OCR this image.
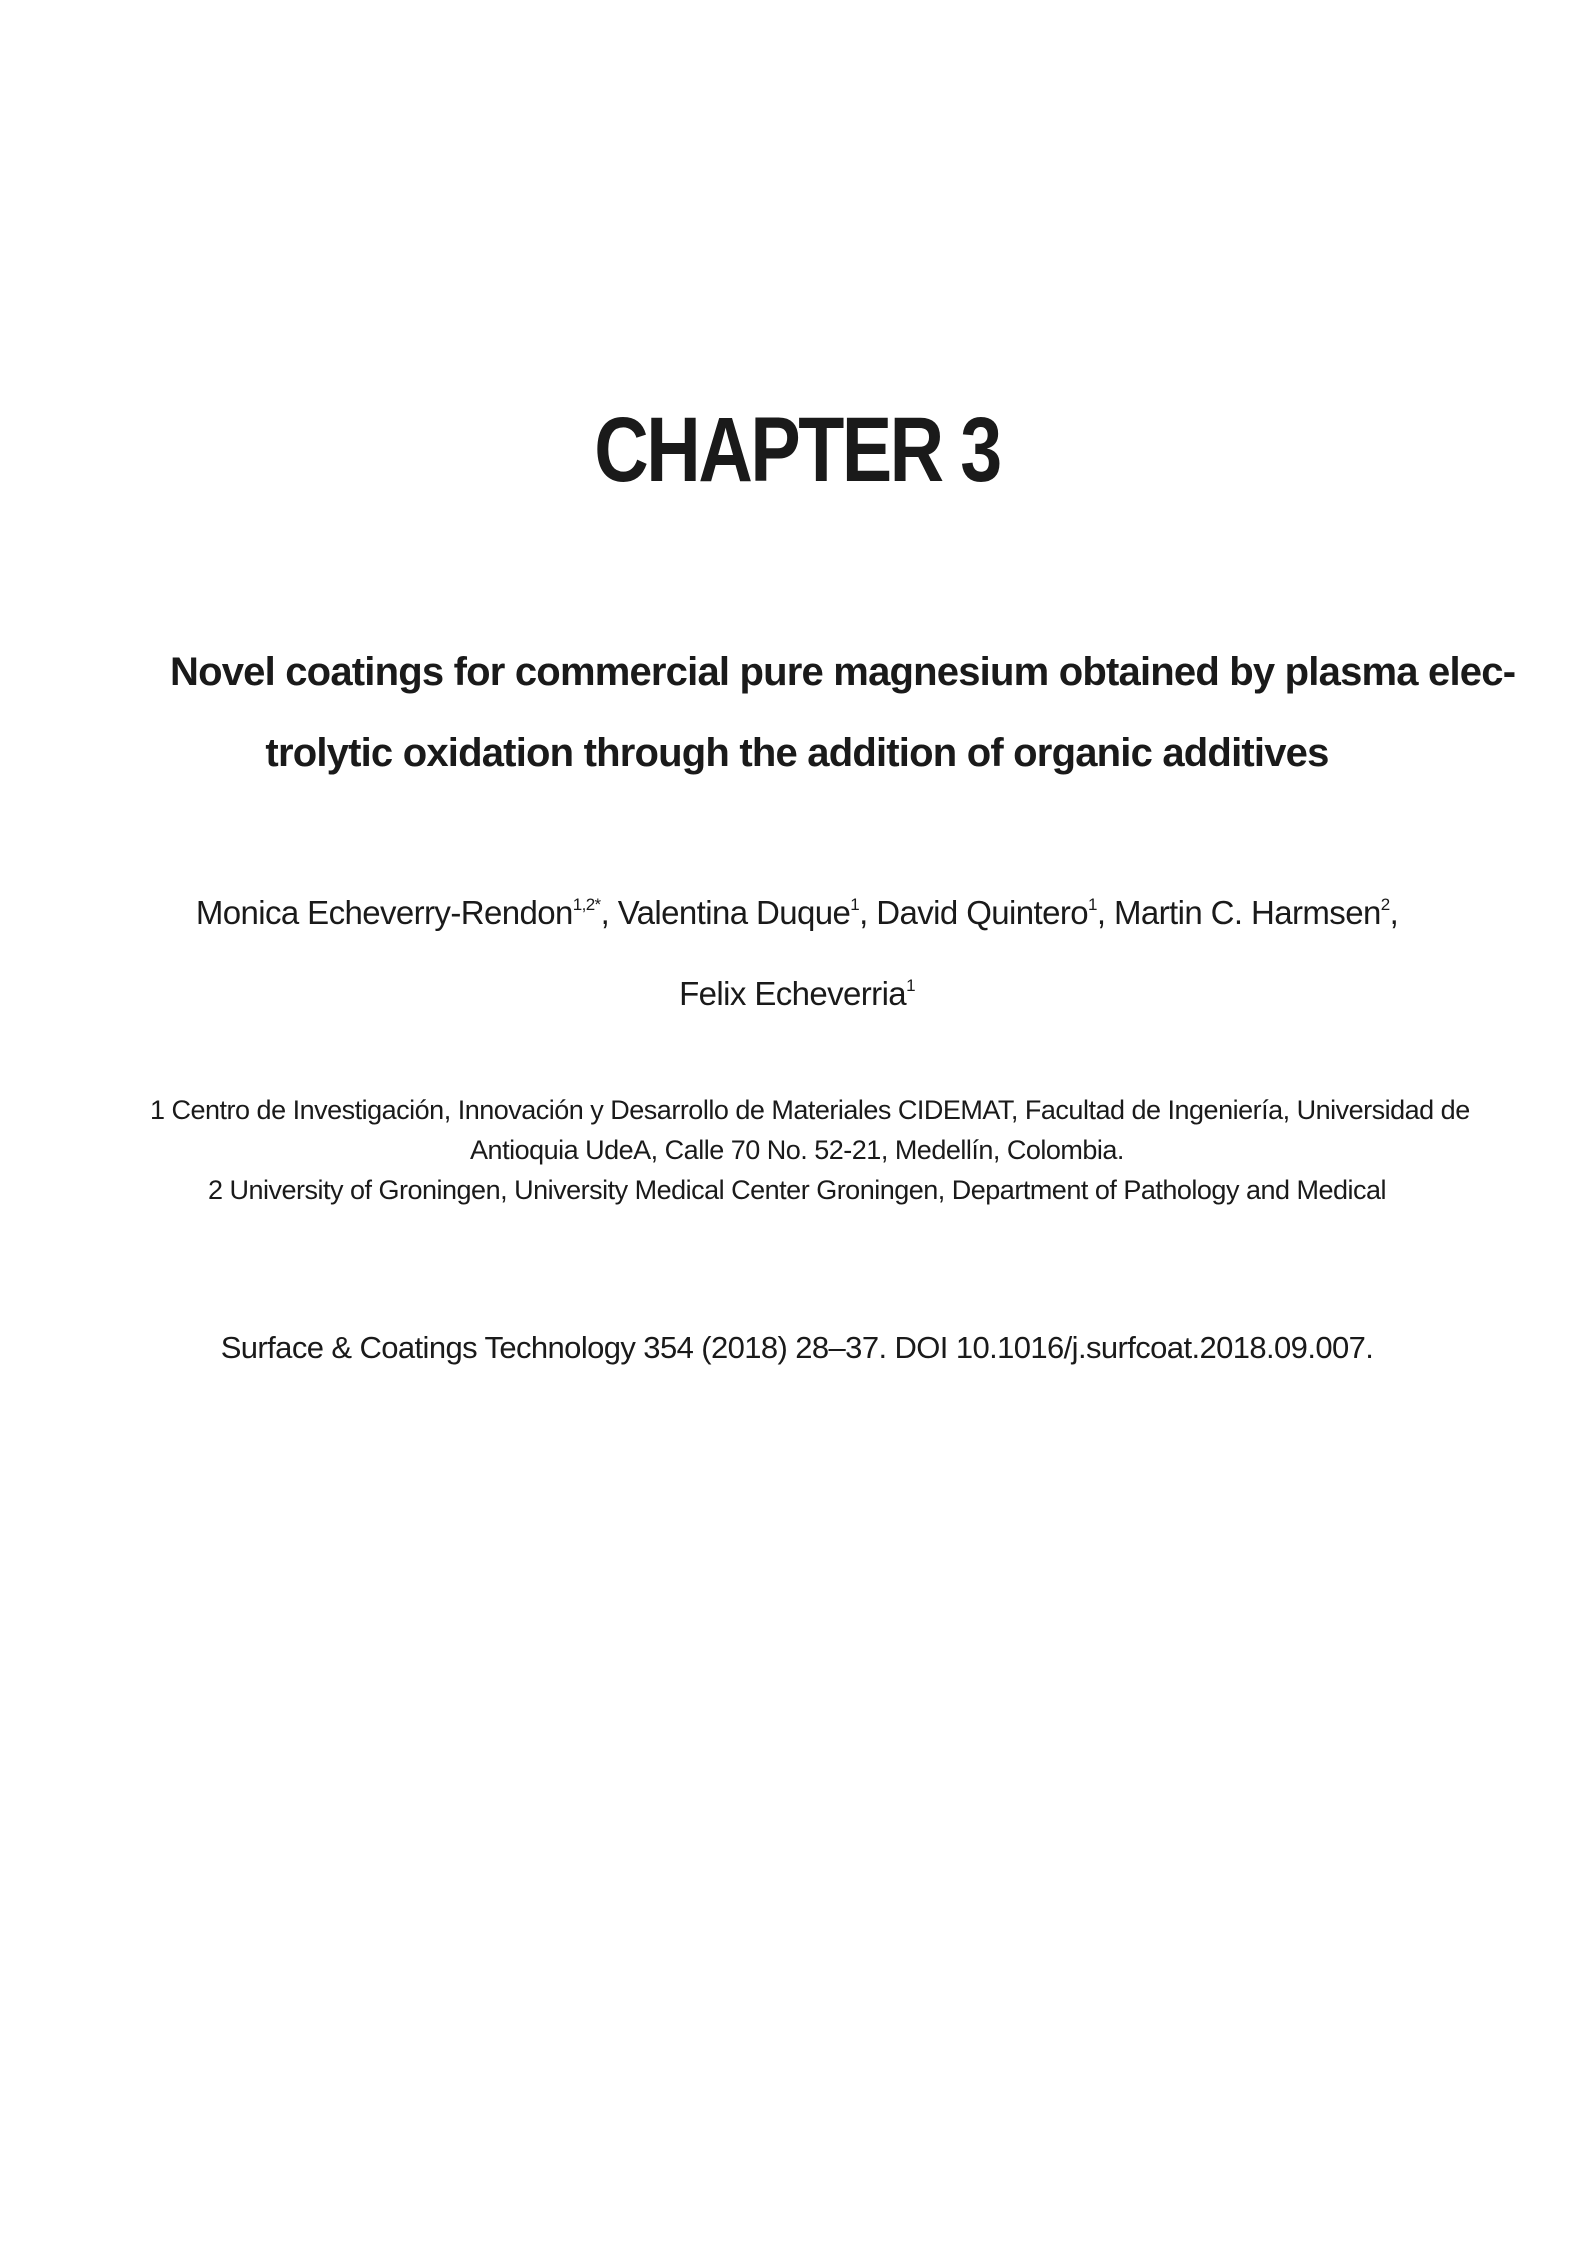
CHAPTER 3
Novel coatings for commercial pure magnesium obtained by plasma elec-
trolytic oxidation through the addition of organic additives
Monica Echeverry-Rendon$^{1,2*}$, Valentina Duque$^1$, David Quintero$^1$, Martin C. Harmsen$^2$,
Felix Echeverria$^1$
1 Centro de Investigación, Innovación y Desarrollo de Materiales CIDEMAT, Facultad de Ingeniería, Universidad de
Antioquia UdeA, Calle 70 No. 52-21, Medellín, Colombia.
2 University of Groningen, University Medical Center Groningen, Department of Pathology and Medical
Surface & Coatings Technology 354 (2018) 28–37. DOI 10.1016/j.surfcoat.2018.09.007.
